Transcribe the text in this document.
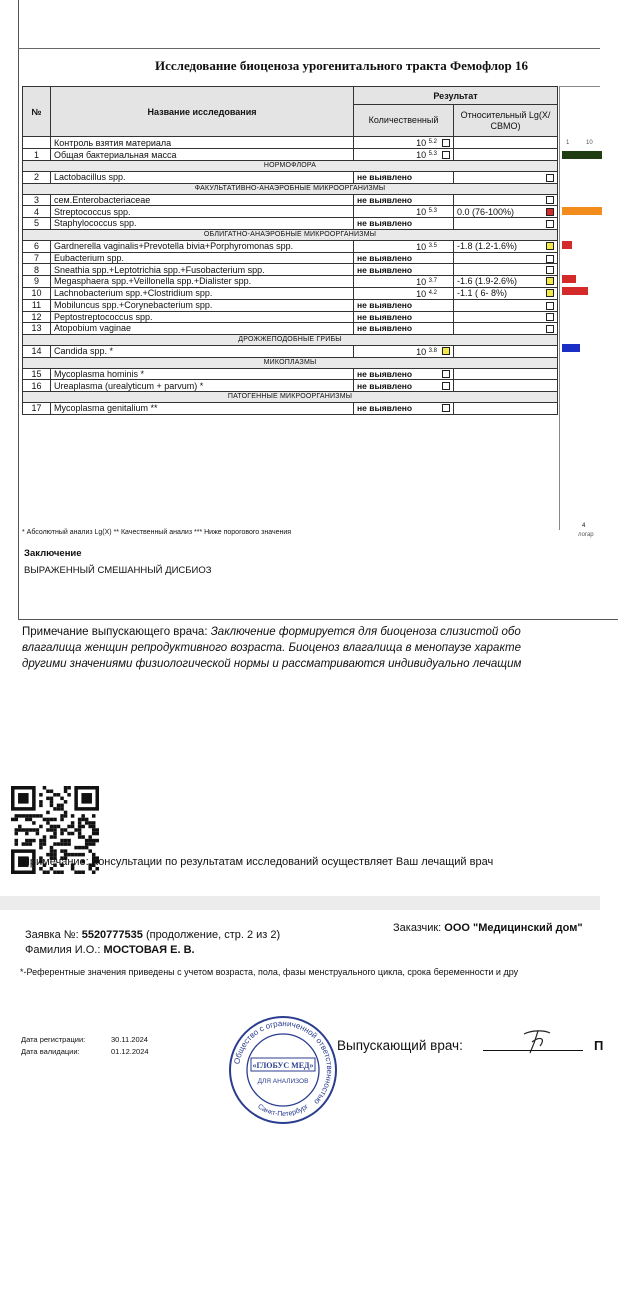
Исследование биоценоза урогенитального тракта Фемофлор 16
№	Название исследования	Результат	
		Количественный	Относительный Lg(X/СВМО)
	Контроль взятия материала	10 $^{5.2}$

1	Общая бактериальная масса	10 $^{5.3}$

НОРМОФЛОРА			
2	Lactobacillus spp.	не выявлено	

ФАКУЛЬТАТИВНО-АНАЭРОБНЫЕ МИКРООРГАНИЗМЫ			
3	сем.Enterobacteriaceae	не выявлено	

4	Streptococcus spp.	10 $^{5.3}$	0.0 (76-100%)
5	Staphylococcus spp.	не выявлено	

ОБЛИГАТНО-АНАЭРОБНЫЕ МИКРООРГАНИЗМЫ			
6	Gardnerella vaginalis+Prevotella bivia+Porphyromonas spp.	10 $^{3.5}$	-1.8 (1.2-1.6%)
7	Eubacterium spp.	не выявлено	

8	Sneathia spp.+Leptotrichia spp.+Fusobacterium spp.	не выявлено	

9	Megasphaera spp.+Veillonella spp.+Dialister spp.	10 $^{3.7}$	-1.6 (1.9-2.6%)
10	Lachnobacterium spp.+Clostridium spp.	10 $^{4.2}$	-1.1 ( 6- 8%)
11	Mobiluncus spp.+Corynebacterium spp.	не выявлено	

12	Peptostreptococcus spp.	не выявлено	

13	Atopobium vaginae	не выявлено	

ДРОЖЖЕПОДОБНЫЕ ГРИБЫ			
14	Candida spp. *	10 $^{3.8}$

МИКОПЛАЗМЫ			
15	Mycoplasma hominis *	не выявлено

16	Ureaplasma (urealyticum + parvum) *	не выявлено

ПАТОГЕННЫЕ МИКРООРГАНИЗМЫ			
17	Mycoplasma genitalium **	не выявлено

1	10
* Абсолютный анализ Lg(X) ** Качественный анализ *** Ниже порогового значения
4
логар
Заключение
ВЫРАЖЕННЫЙ СМЕШАННЫЙ ДИСБИОЗ
Примечание выпускающего врача: Заключение формируется для биоценоза слизистой обо
влагалища женщин репродуктивного возраста. Биоценоз влагалища в менопаузе характе
другими значениями физиологической нормы и рассматриваются индивидуально лечащим
Примечание: Консультации по результатам исследований осуществляет Ваш лечащий врач
Заказчик: ООО "Медицинский дом"
Заявка №: 5520777535 (продолжение, стр. 2 из 2)
Фамилия И.О.: МОСТОВАЯ Е. В.
*-Референтные значения приведены с учетом возраста, пола, фазы менструального цикла, срока беременности и дру
Дата регистрации:	30.11.2024
Дата валидации:	01.12.2024
Общество с ограниченной ответственностью
Санкт-Петербург
«ГЛОБУС МЕД»
ДЛЯ АНАЛИЗОВ
Выпускающий врач:	П
